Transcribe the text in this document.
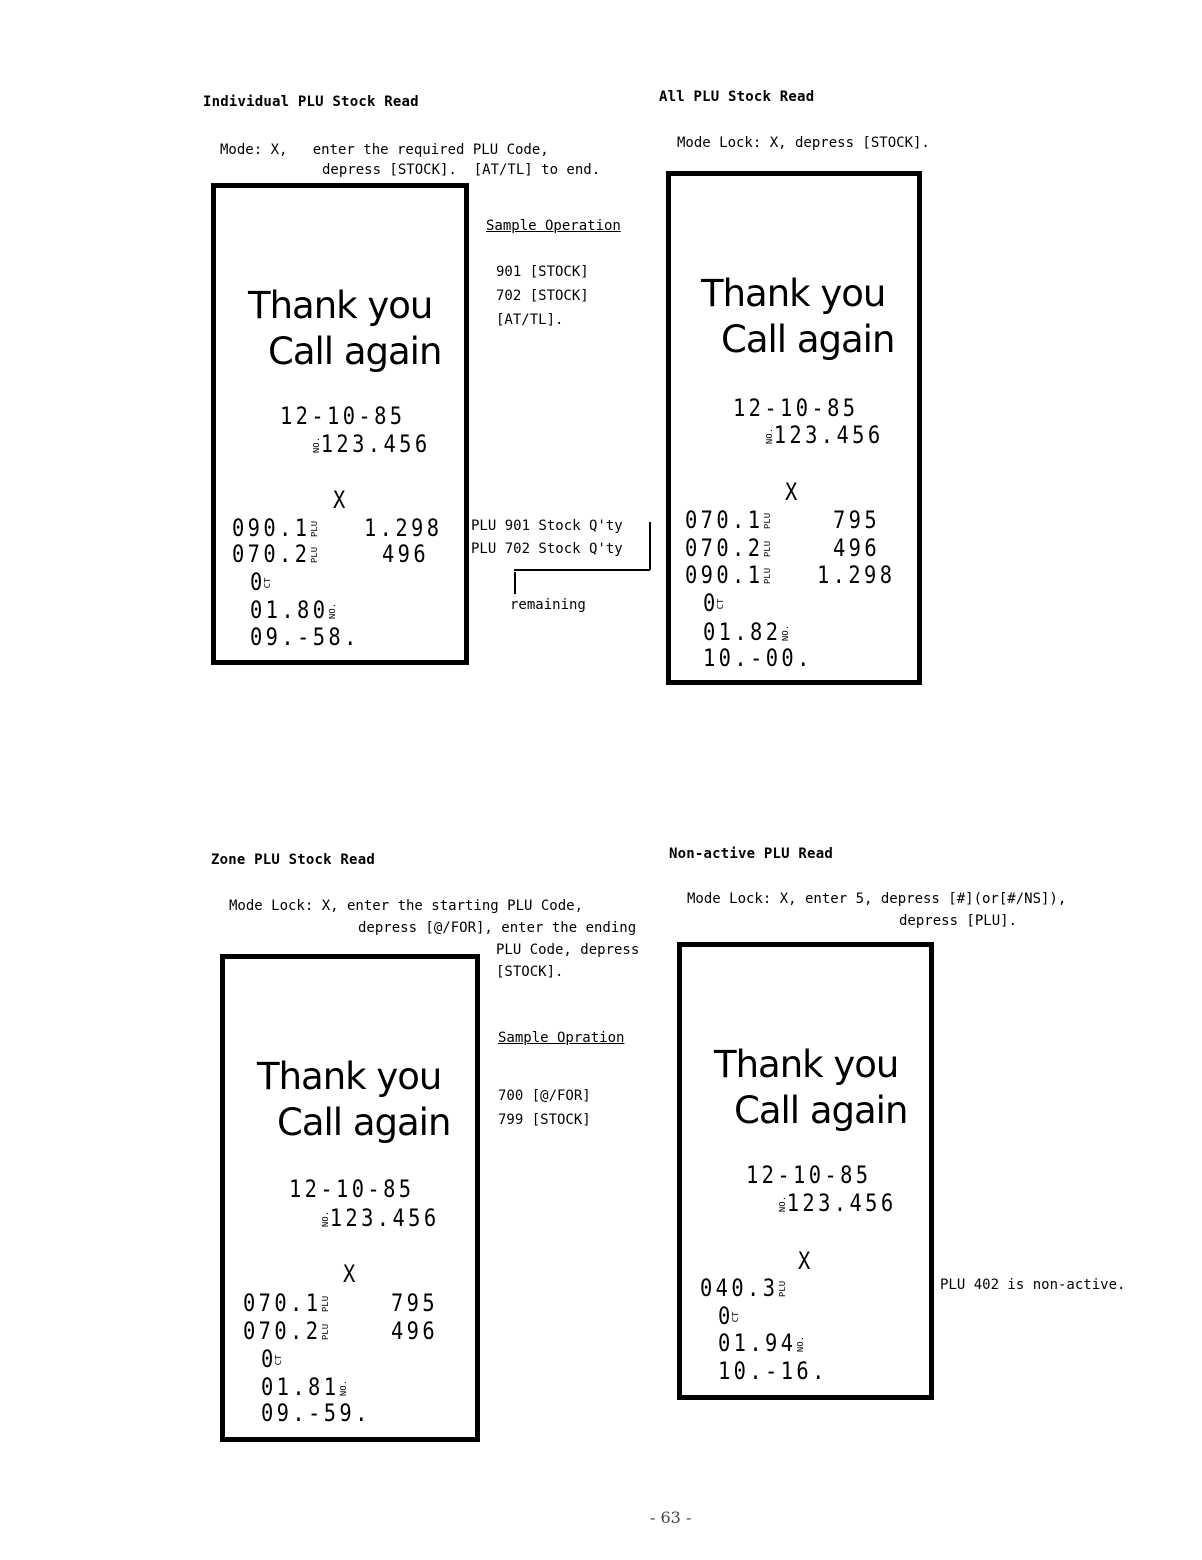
Individual PLU Stock Read
Mode: X,   enter the required PLU Code,
depress [STOCK].  [AT/TL] to end.
Thank you
Call again
12-10-85
NO.123.456
X
090.1PLU 1.298
070.2PLU	496
0CT
01.80NO.
09.-58.
Sample Operation
901 [STOCK]
702 [STOCK]
[AT/TL].
PLU 901 Stock Q'ty
PLU 702 Stock Q'ty
remaining
All PLU Stock Read
Mode Lock: X, depress [STOCK].
Thank you
Call again
12-10-85
NO.123.456
X
070.1PLU	795
070.2PLU	496
090.1PLU 1.298
0CT
01.82NO.
10.-00.
Zone PLU Stock Read
Mode Lock: X, enter the starting PLU Code,
depress [@/FOR], enter the ending
PLU Code, depress
[STOCK].
Thank you
Call again
12-10-85
NO.123.456
X
070.1PLU	795
070.2PLU	496
0CT
01.81NO.
09.-59.
Sample Opration
700 [@/FOR]
799 [STOCK]
Non-active PLU Read
Mode Lock: X, enter 5, depress [#](or[#/NS]),
depress [PLU].
Thank you
Call again
12-10-85
NO.123.456
X
040.3PLU
0CT
01.94NO.
10.-16.
PLU 402 is non-active.
- 63 -
